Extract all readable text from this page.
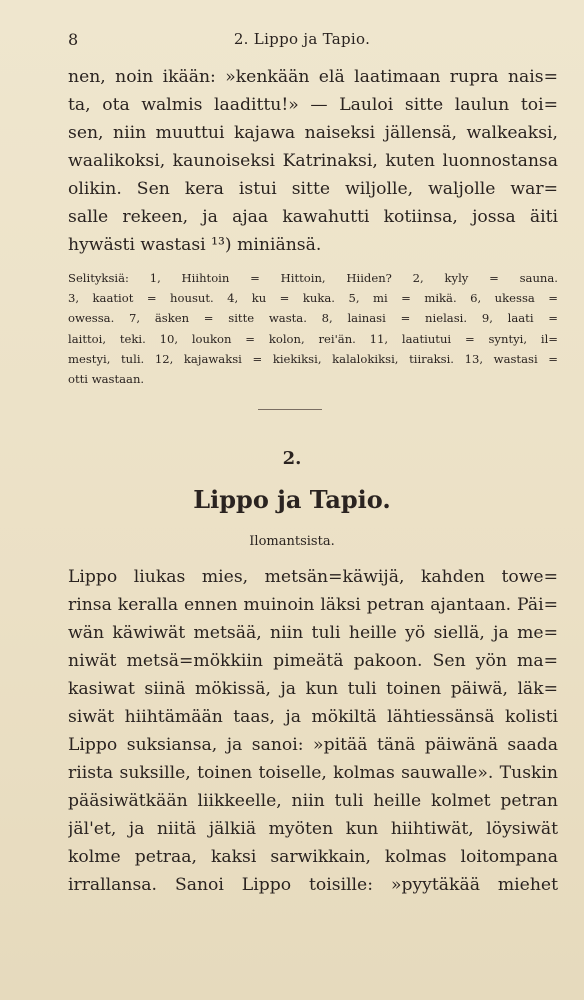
8	2. Lippo ja Tapio.
nen, noin ikään: »kenkään elä laatimaan rupra nais=
ta, ota walmis laadittu!» — Lauloi sitte laulun toi=
sen, niin muuttui kajawa naiseksi jällensä, walkeaksi,
waalikoksi, kaunoiseksi Katrinaksi, kuten luonnostansa
olikin. Sen kera istui sitte wiljolle, waljolle war=
salle rekeen, ja ajaa kawahutti kotiinsa, jossa äiti
hywästi wastasi ¹³) miniänsä.
Selityksiä: 1, Hiihtoin = Hittoin, Hiiden? 2, kyly = sauna.
3, kaatiot = housut. 4, ku = kuka. 5, mi = mikä. 6, ukessa =
owessa. 7, äsken = sitte wasta. 8, lainasi = nielasi. 9, laati =
laittoi, teki. 10, loukon = kolon, rei'än. 11, laatiutui = syntyi, il=
mestyi, tuli. 12, kajawaksi = kiekiksi, kalalokiksi, tiiraksi. 13, wastasi =
otti wastaan.
2.
Lippo ja Tapio.
Ilomantsista.
Lippo liukas mies, metsän=käwijä, kahden towe=
rinsa keralla ennen muinoin läksi petran ajantaan. Päi=
wän käwiwät metsää, niin tuli heille yö siellä, ja me=
niwät metsä=mökkiin pimeätä pakoon. Sen yön ma=
kasiwat siinä mökissä, ja kun tuli toinen päiwä, läk=
siwät hiihtämään taas, ja mökiltä lähtiessänsä kolisti
Lippo suksiansa, ja sanoi: »pitää tänä päiwänä saada
riista suksille, toinen toiselle, kolmas sauwalle». Tuskin
pääsiwätkään liikkeelle, niin tuli heille kolmet petran
jäl'et, ja niitä jälkiä myöten kun hiihtiwät, löysiwät
kolme petraa, kaksi sarwikkain, kolmas loitompana
irrallansa. Sanoi Lippo toisille: »pyytäkää miehet
